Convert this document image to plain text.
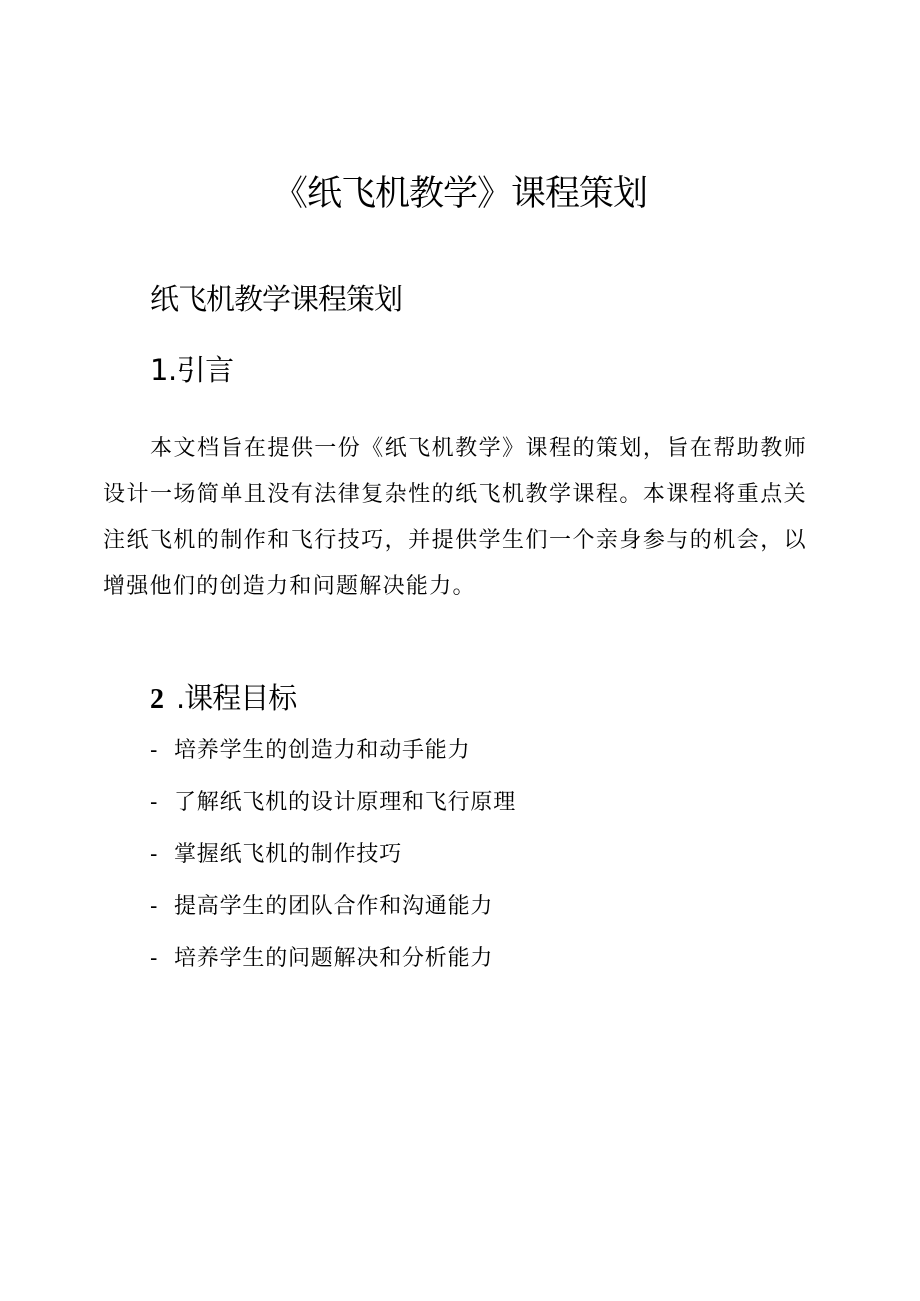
《纸飞机教学》课程策划
纸飞机教学课程策划
1.引言

本文档旨在提供一份《纸飞机教学》课程的策划，旨在帮助教师设计一场简单且没有法律复杂性的纸飞机教学课程。本课程将重点关注纸飞机的制作和飞行技巧，并提供学生们一个亲身参与的机会，以增强他们的创造力和问题解决能力。

2 .课程目标
- 培养学生的创造力和动手能力
- 了解纸飞机的设计原理和飞行原理
- 掌握纸飞机的制作技巧
- 提高学生的团队合作和沟通能力
- 培养学生的问题解决和分析能力
